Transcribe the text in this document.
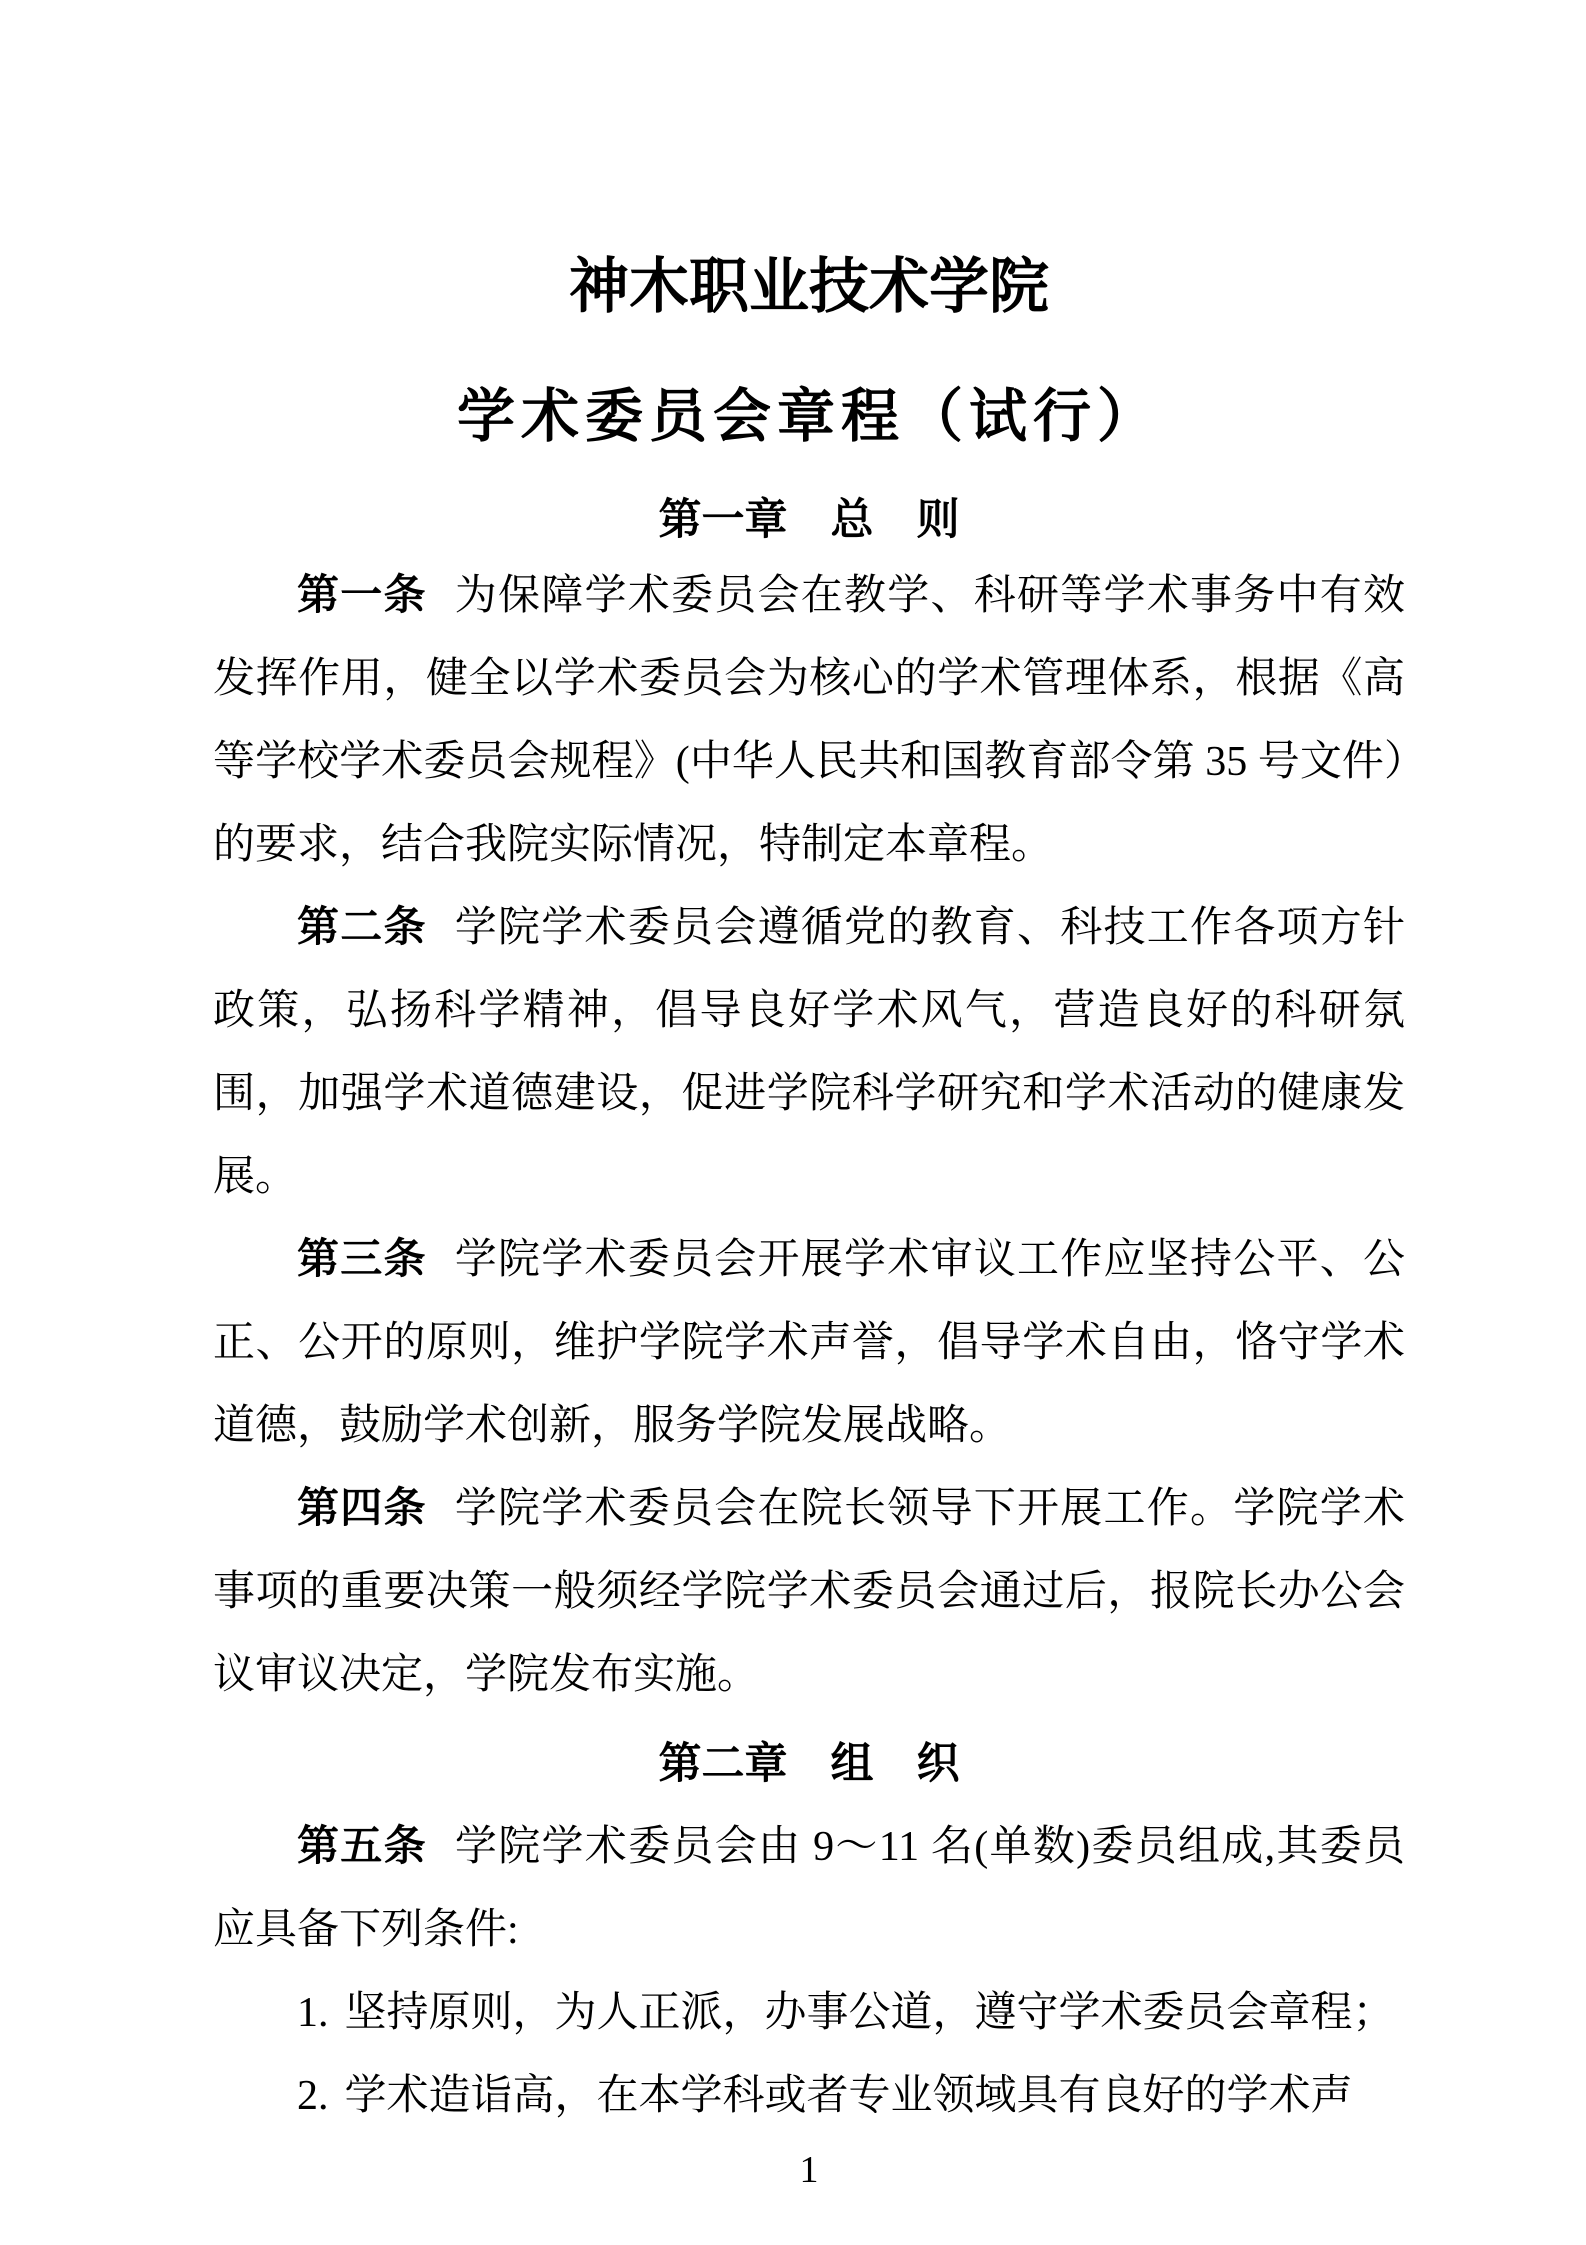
神木职业技术学院
学术委员会章程（试行）
第一章　总　则

第一条 为保障学术委员会在教学、科研等学术事务中有效发挥作用，健全以学术委员会为核心的学术管理体系，根据《高等学校学术委员会规程》(中华人民共和国教育部令第 35 号文件）的要求，结合我院实际情况，特制定本章程。

第二条 学院学术委员会遵循党的教育、科技工作各项方针政策，弘扬科学精神，倡导良好学术风气，营造良好的科研氛围，加强学术道德建设，促进学院科学研究和学术活动的健康发展。

第三条 学院学术委员会开展学术审议工作应坚持公平、公正、公开的原则，维护学院学术声誉，倡导学术自由，恪守学术道德，鼓励学术创新，服务学院发展战略。

第四条 学院学术委员会在院长领导下开展工作。学院学术事项的重要决策一般须经学院学术委员会通过后，报院长办公会议审议决定，学院发布实施。

第二章　组　织

第五条 学院学术委员会由 9～11 名(单数)委员组成,其委员应具备下列条件:

1. 坚持原则，为人正派，办事公道，遵守学术委员会章程；

2. 学术造诣高，在本学科或者专业领域具有良好的学术声

1
